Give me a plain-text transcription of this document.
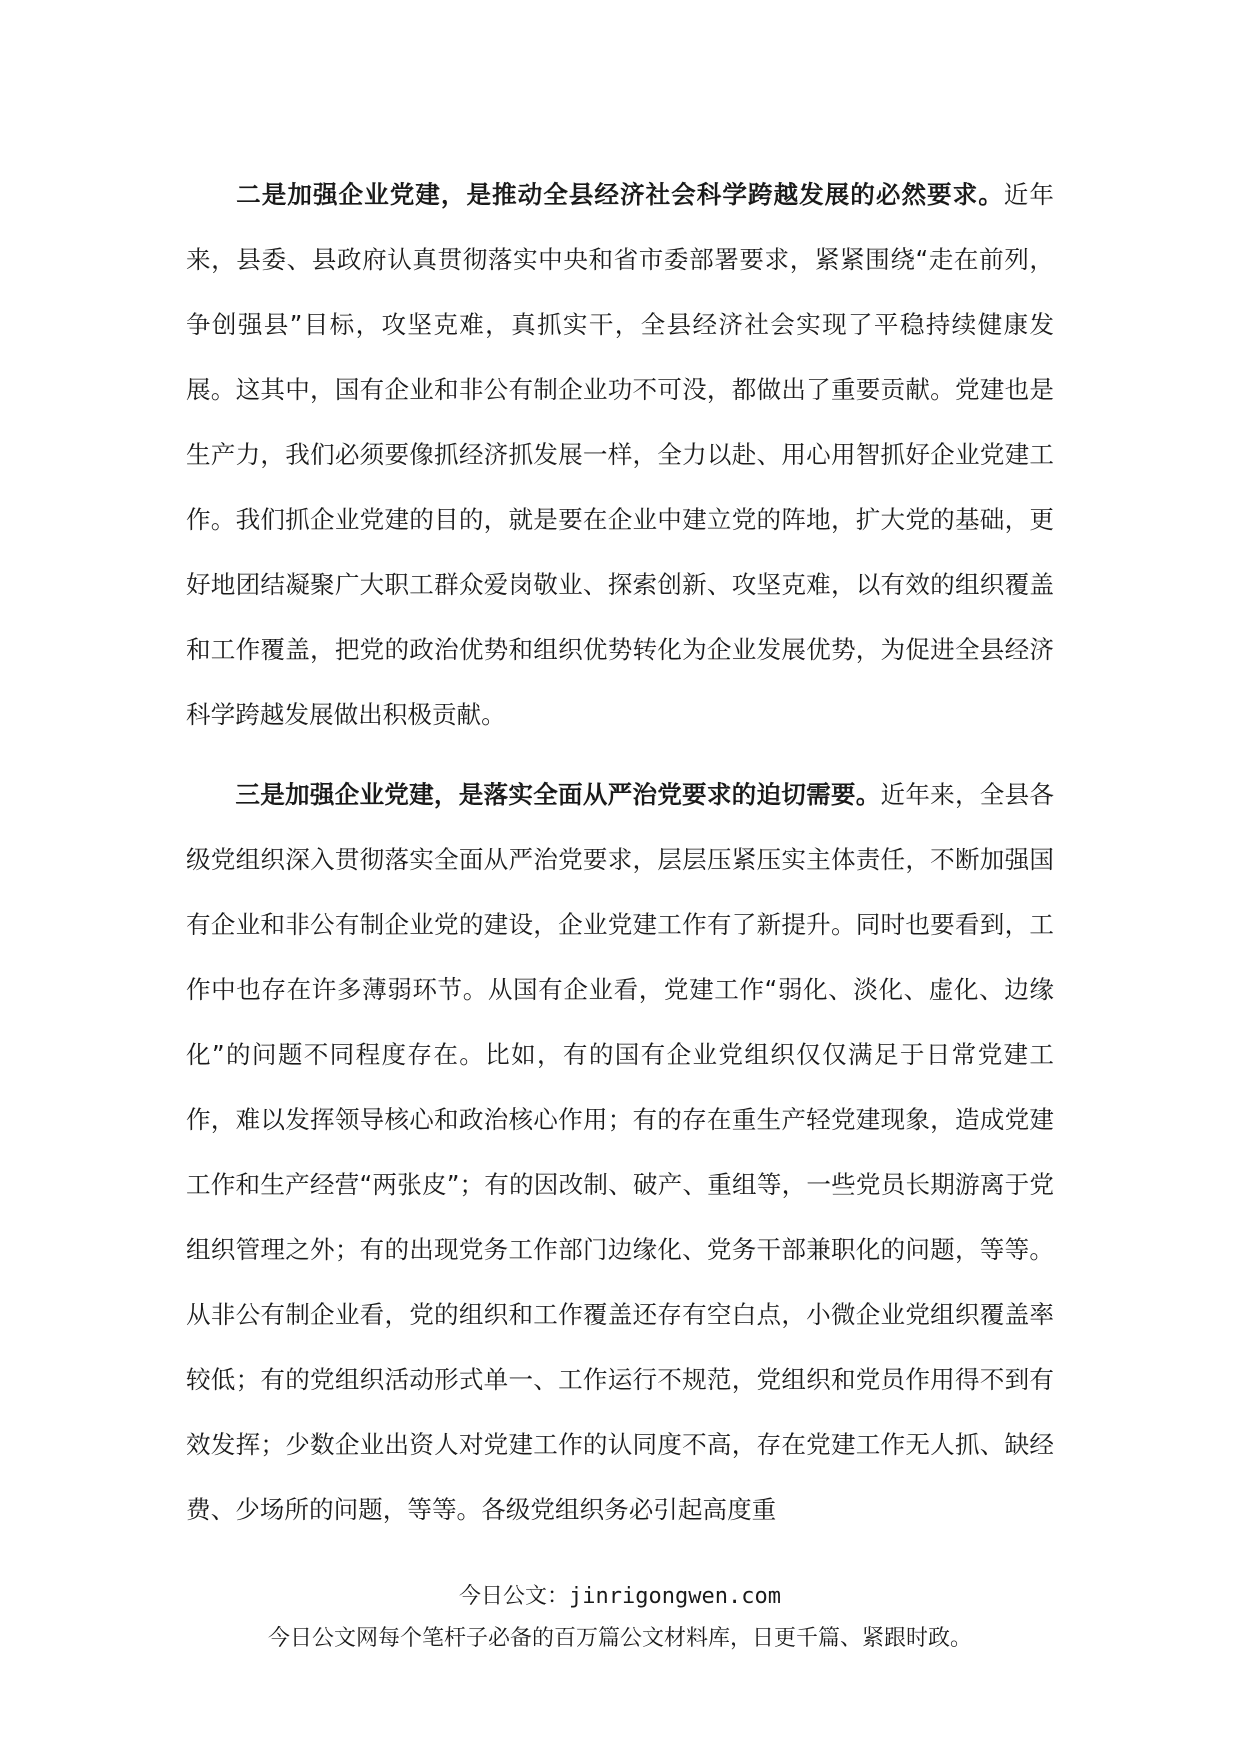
二是加强企业党建，是推动全县经济社会科学跨越发展的必然要求。近年来，县委、县政府认真贯彻落实中央和省市委部署要求，紧紧围绕“走在前列，争创强县”目标，攻坚克难，真抓实干，全县经济社会实现了平稳持续健康发展。这其中，国有企业和非公有制企业功不可没，都做出了重要贡献。党建也是生产力，我们必须要像抓经济抓发展一样，全力以赴、用心用智抓好企业党建工作。我们抓企业党建的目的，就是要在企业中建立党的阵地，扩大党的基础，更好地团结凝聚广大职工群众爱岗敬业、探索创新、攻坚克难，以有效的组织覆盖和工作覆盖，把党的政治优势和组织优势转化为企业发展优势，为促进全县经济科学跨越发展做出积极贡献。

三是加强企业党建，是落实全面从严治党要求的迫切需要。近年来，全县各级党组织深入贯彻落实全面从严治党要求，层层压紧压实主体责任，不断加强国有企业和非公有制企业党的建设，企业党建工作有了新提升。同时也要看到，工作中也存在许多薄弱环节。从国有企业看，党建工作“弱化、淡化、虚化、边缘化”的问题不同程度存在。比如，有的国有企业党组织仅仅满足于日常党建工作，难以发挥领导核心和政治核心作用；有的存在重生产轻党建现象，造成党建工作和生产经营“两张皮”；有的因改制、破产、重组等，一些党员长期游离于党组织管理之外；有的出现党务工作部门边缘化、党务干部兼职化的问题，等等。从非公有制企业看，党的组织和工作覆盖还存有空白点，小微企业党组织覆盖率较低；有的党组织活动形式单一、工作运行不规范，党组织和党员作用得不到有效发挥；少数企业出资人对党建工作的认同度不高，存在党建工作无人抓、缺经费、少场所的问题，等等。各级党组织务必引起高度重

今日公文：jinrigongwen.com
今日公文网每个笔杆子必备的百万篇公文材料库，日更千篇、紧跟时政。
